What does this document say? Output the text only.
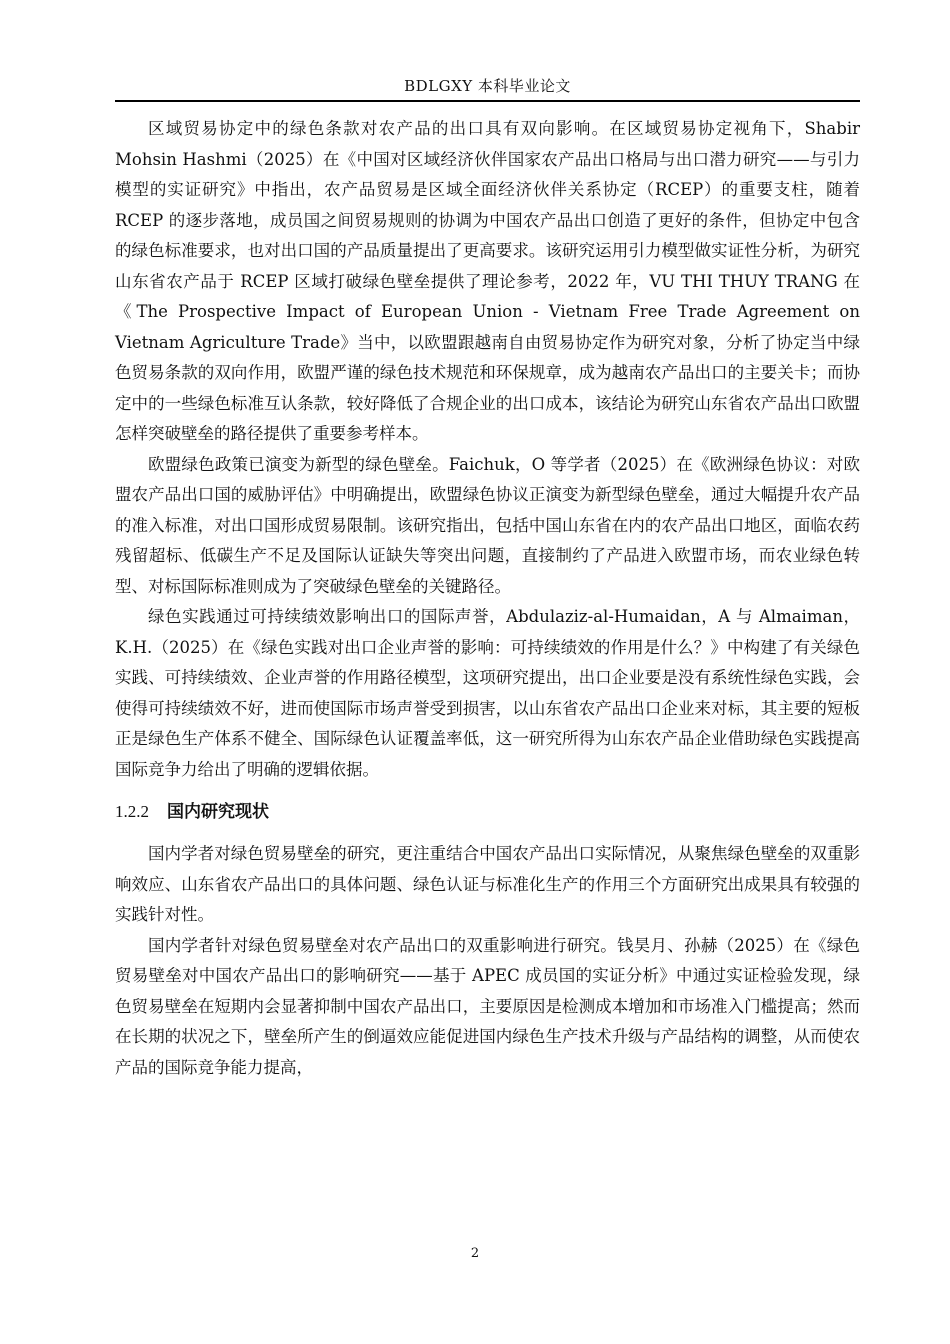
BDLGXY 本科毕业论文

区域贸易协定中的绿色条款对农产品的出口具有双向影响。在区域贸易协定视角下，Shabir Mohsin Hashmi（2025）在《中国对区域经济伙伴国家农产品出口格局与出口潜力研究——与引力模型的实证研究》中指出，农产品贸易是区域全面经济伙伴关系协定（RCEP）的重要支柱，随着 RCEP 的逐步落地，成员国之间贸易规则的协调为中国农产品出口创造了更好的条件，但协定中包含的绿色标准要求，也对出口国的产品质量提出了更高要求。该研究运用引力模型做实证性分析，为研究山东省农产品于 RCEP 区域打破绿色壁垒提供了理论参考，2022 年，VU THI THUY TRANG 在《The Prospective Impact of European Union - Vietnam Free Trade Agreement on Vietnam Agriculture Trade》当中，以欧盟跟越南自由贸易协定作为研究对象，分析了协定当中绿色贸易条款的双向作用，欧盟严谨的绿色技术规范和环保规章，成为越南农产品出口的主要关卡；而协定中的一些绿色标准互认条款，较好降低了合规企业的出口成本，该结论为研究山东省农产品出口欧盟怎样突破壁垒的路径提供了重要参考样本。

欧盟绿色政策已演变为新型的绿色壁垒。Faichuk，O 等学者（2025）在《欧洲绿色协议：对欧盟农产品出口国的威胁评估》中明确提出，欧盟绿色协议正演变为新型绿色壁垒，通过大幅提升农产品的准入标准，对出口国形成贸易限制。该研究指出，包括中国山东省在内的农产品出口地区，面临农药残留超标、低碳生产不足及国际认证缺失等突出问题，直接制约了产品进入欧盟市场，而农业绿色转型、对标国际标准则成为了突破绿色壁垒的关键路径。

绿色实践通过可持续绩效影响出口的国际声誉，Abdulaziz-al-Humaidan，A 与 Almaiman，K.H.（2025）在《绿色实践对出口企业声誉的影响：可持续绩效的作用是什么？》中构建了有关绿色实践、可持续绩效、企业声誉的作用路径模型，这项研究提出，出口企业要是没有系统性绿色实践，会使得可持续绩效不好，进而使国际市场声誉受到损害，以山东省农产品出口企业来对标，其主要的短板正是绿色生产体系不健全、国际绿色认证覆盖率低，这一研究所得为山东农产品企业借助绿色实践提高国际竞争力给出了明确的逻辑依据。

1.2.2 国内研究现状

国内学者对绿色贸易壁垒的研究，更注重结合中国农产品出口实际情况，从聚焦绿色壁垒的双重影响效应、山东省农产品出口的具体问题、绿色认证与标准化生产的作用三个方面研究出成果具有较强的实践针对性。

国内学者针对绿色贸易壁垒对农产品出口的双重影响进行研究。钱昊月、孙赫（2025）在《绿色贸易壁垒对中国农产品出口的影响研究——基于 APEC 成员国的实证分析》中通过实证检验发现，绿色贸易壁垒在短期内会显著抑制中国农产品出口，主要原因是检测成本增加和市场准入门槛提高；然而在长期的状况之下，壁垒所产生的倒逼效应能促进国内绿色生产技术升级与产品结构的调整，从而使农产品的国际竞争能力提高，

2
